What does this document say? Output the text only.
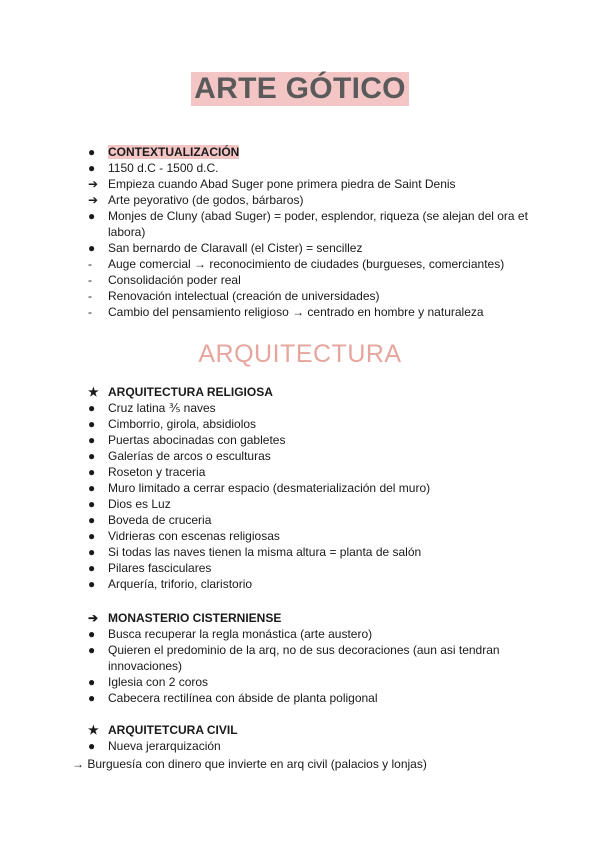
ARTE GÓTICO
●	CONTEXTUALIZACIÓN
●	1150 d.C - 1500 d.C.
➔ Empieza cuando Abad Suger pone primera piedra de Saint Denis
➔ Arte peyorativo (de godos, bárbaros)
●	Monjes de Cluny (abad Suger) = poder, esplendor, riqueza (se alejan del ora et labora)
●	San bernardo de Claravall (el Cister) = sencillez
-	Auge comercial → reconocimiento de ciudades (burgueses, comerciantes)
-	Consolidación poder real
-	Renovación intelectual (creación de universidades)
-	Cambio del pensamiento religioso → centrado en hombre y naturaleza
ARQUITECTURA
★ ARQUITECTURA RELIGIOSA
●	Cruz latina ⅗ naves
●	Cimborrio, girola, absidiolos
●	Puertas abocinadas con gabletes
●	Galerías de arcos o esculturas
●	Roseton y traceria
●	Muro limitado a cerrar espacio (desmaterialización del muro)
●	Dios es Luz
●	Boveda de cruceria
●	Vidrieras con escenas religiosas
●	Si todas las naves tienen la misma altura = planta de salón
●	Pilares fasciculares
●	Arquería, triforio, claristorio
➔ MONASTERIO CISTERNIENSE
●	Busca recuperar la regla monástica (arte austero)
●	Quieren el predominio de la arq, no de sus decoraciones (aun asi tendran innovaciones)
●	Iglesia con 2 coros
●	Cabecera rectilínea con ábside de planta poligonal
★ ARQUITETCURA CIVIL
●	Nueva jerarquización
→ Burguesía con dinero que invierte en arq civil (palacios y lonjas)
